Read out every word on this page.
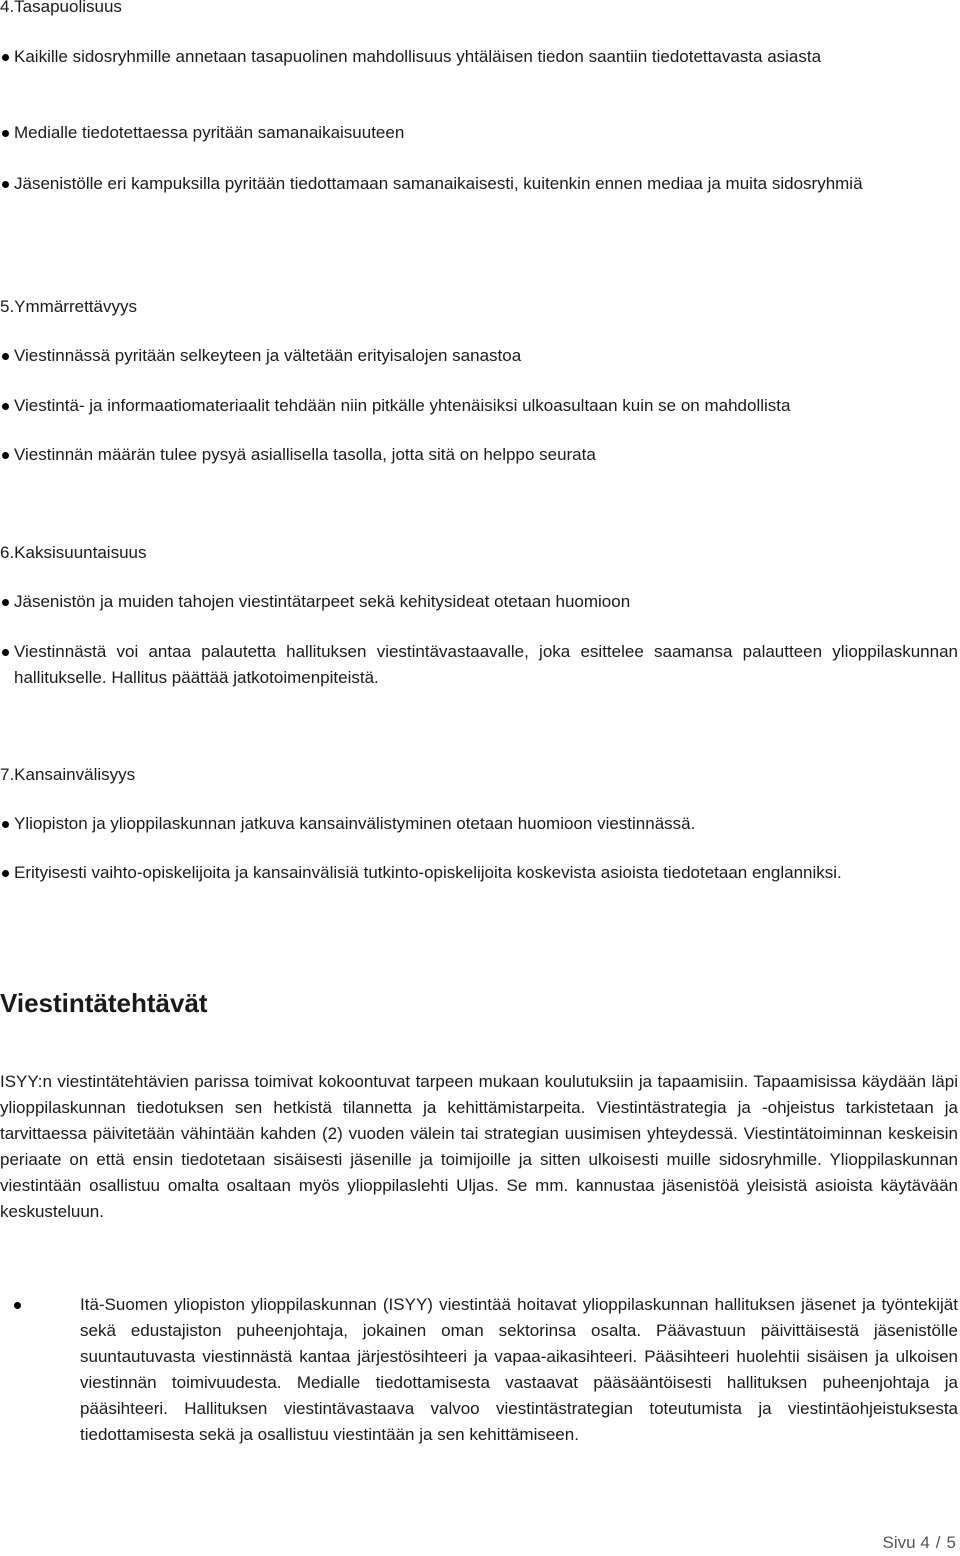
4.Tasapuolisuus
Kaikille sidosryhmille annetaan tasapuolinen mahdollisuus yhtäläisen tiedon saantiin tiedotettavasta asiasta
Medialle tiedotettaessa pyritään samanaikaisuuteen
Jäsenistölle eri kampuksilla pyritään tiedottamaan samanaikaisesti, kuitenkin ennen mediaa ja muita sidosryhmiä
5.Ymmärrettävyys
Viestinnässä pyritään selkeyteen ja vältetään erityisalojen sanastoa
Viestintä- ja informaatiomateriaalit tehdään niin pitkälle yhtenäisiksi ulkoasultaan kuin se on mahdollista
Viestinnän määrän tulee pysyä asiallisella tasolla, jotta sitä on helppo seurata
6.Kaksisuuntaisuus
Jäsenistön ja muiden tahojen viestintätarpeet sekä kehitysideat otetaan huomioon
Viestinnästä voi antaa palautetta hallituksen viestintävastaavalle, joka esittelee saamansa palautteen ylioppilaskunnan hallitukselle. Hallitus päättää jatkotoimenpiteistä.
7.Kansainvälisyys
Yliopiston ja ylioppilaskunnan jatkuva kansainvälistyminen otetaan huomioon viestinnässä.
Erityisesti vaihto-opiskelijoita ja kansainvälisiä tutkinto-opiskelijoita koskevista asioista tiedotetaan englanniksi.
Viestintätehtävät

ISYY:n viestintätehtävien parissa toimivat kokoontuvat tarpeen mukaan koulutuksiin ja tapaamisiin. Tapaamisissa käydään läpi ylioppilaskunnan tiedotuksen sen hetkistä tilannetta ja kehittämistarpeita. Viestintästrategia ja -ohjeistus tarkistetaan ja tarvittaessa päivitetään vähintään kahden (2) vuoden välein tai strategian uusimisen yhteydessä. Viestintätoiminnan keskeisin periaate on että ensin tiedotetaan sisäisesti jäsenille ja toimijoille ja sitten ulkoisesti muille sidosryhmille. Ylioppilaskunnan viestintään osallistuu omalta osaltaan myös ylioppilaslehti Uljas. Se mm. kannustaa jäsenistöä yleisistä asioista käytävään keskusteluun.

Itä-Suomen yliopiston ylioppilaskunnan (ISYY) viestintää hoitavat ylioppilaskunnan hallituksen jäsenet ja työntekijät sekä edustajiston puheenjohtaja, jokainen oman sektorinsa osalta. Päävastuun päivittäisestä jäsenistölle suuntautuvasta viestinnästä kantaa järjestösihteeri ja vapaa-aikasihteeri. Pääsihteeri huolehtii sisäisen ja ulkoisen viestinnän toimivuudesta. Medialle tiedottamisesta vastaavat pääsääntöisesti hallituksen puheenjohtaja ja pääsihteeri. Hallituksen viestintävastaava valvoo viestintästrategian toteutumista ja viestintäohjeistuksesta tiedottamisesta sekä ja osallistuu viestintään ja sen kehittämiseen.
Sivu 4 / 5
